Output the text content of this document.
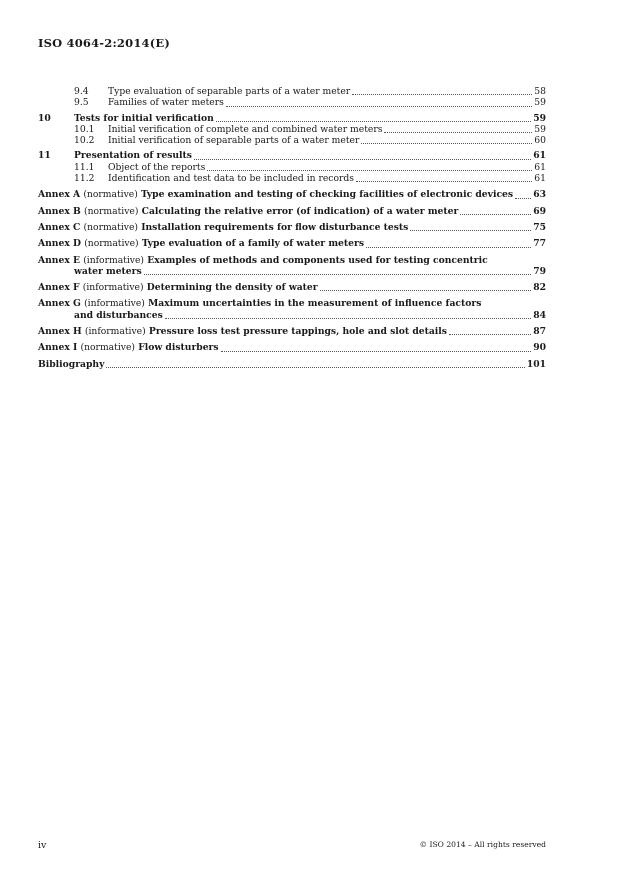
ISO 4064-2:2014(E)
9.4	Type evaluation of separable parts of a water meter	58
9.5	Families of water meters	59
10	Tests for initial verification	59
10.1	Initial verification of complete and combined water meters	59
10.2	Initial verification of separable parts of a water meter	60
11	Presentation of results	61
11.1	Object of the reports	61
11.2	Identification and test data to be included in records	61
Annex A (normative) Type examination and testing of checking facilities of electronic devices 63
Annex B (normative) Calculating the relative error (of indication) of a water meter	69
Annex C (normative) Installation requirements for flow disturbance tests	75
Annex D (normative) Type evaluation of a family of water meters	77
Annex E (informative) Examples of methods and components used for testing concentric
water meters	79
Annex F (informative) Determining the density of water	82
Annex G (informative) Maximum uncertainties in the measurement of influence factors
and disturbances	84
Annex H (informative) Pressure loss test pressure tappings, hole and slot details	87
Annex I (normative) Flow disturbers	90
Bibliography	101
iv	© ISO 2014 – All rights reserved
